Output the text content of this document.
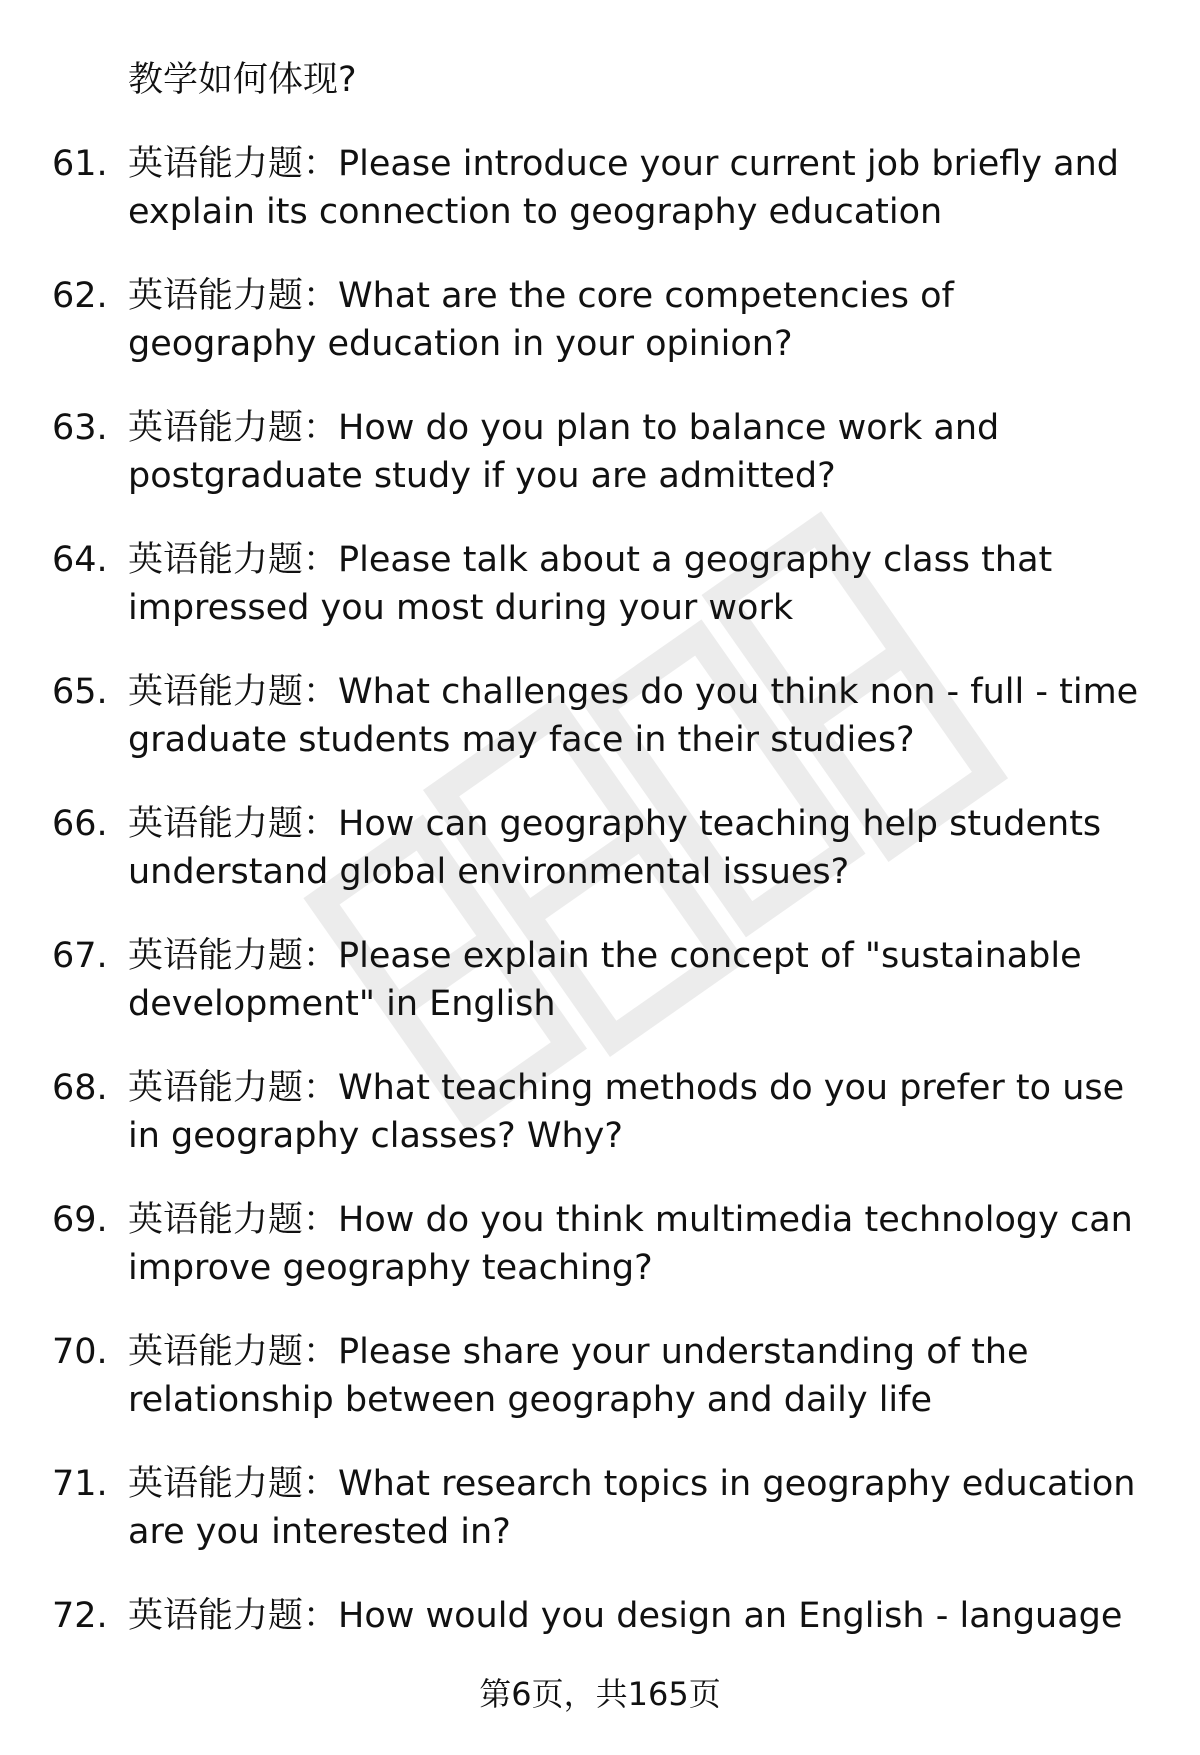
教学如何体现?
61. 英语能力题：Please introduce your current job briefly and explain its connection to geography education
62. 英语能力题：What are the core competencies of geography education in your opinion?
63. 英语能力题：How do you plan to balance work and postgraduate study if you are admitted?
64. 英语能力题：Please talk about a geography class that impressed you most during your work
65. 英语能力题：What challenges do you think non - full - time graduate students may face in their studies?
66. 英语能力题：How can geography teaching help students understand global environmental issues?
67. 英语能力题：Please explain the concept of "sustainable development" in English
68. 英语能力题：What teaching methods do you prefer to use in geography classes? Why?
69. 英语能力题：How do you think multimedia technology can improve geography teaching?
70. 英语能力题：Please share your understanding of the relationship between geography and daily life
71. 英语能力题：What research topics in geography education are you interested in?
72. 英语能力题：How would you design an English - language
第6页，共165页
